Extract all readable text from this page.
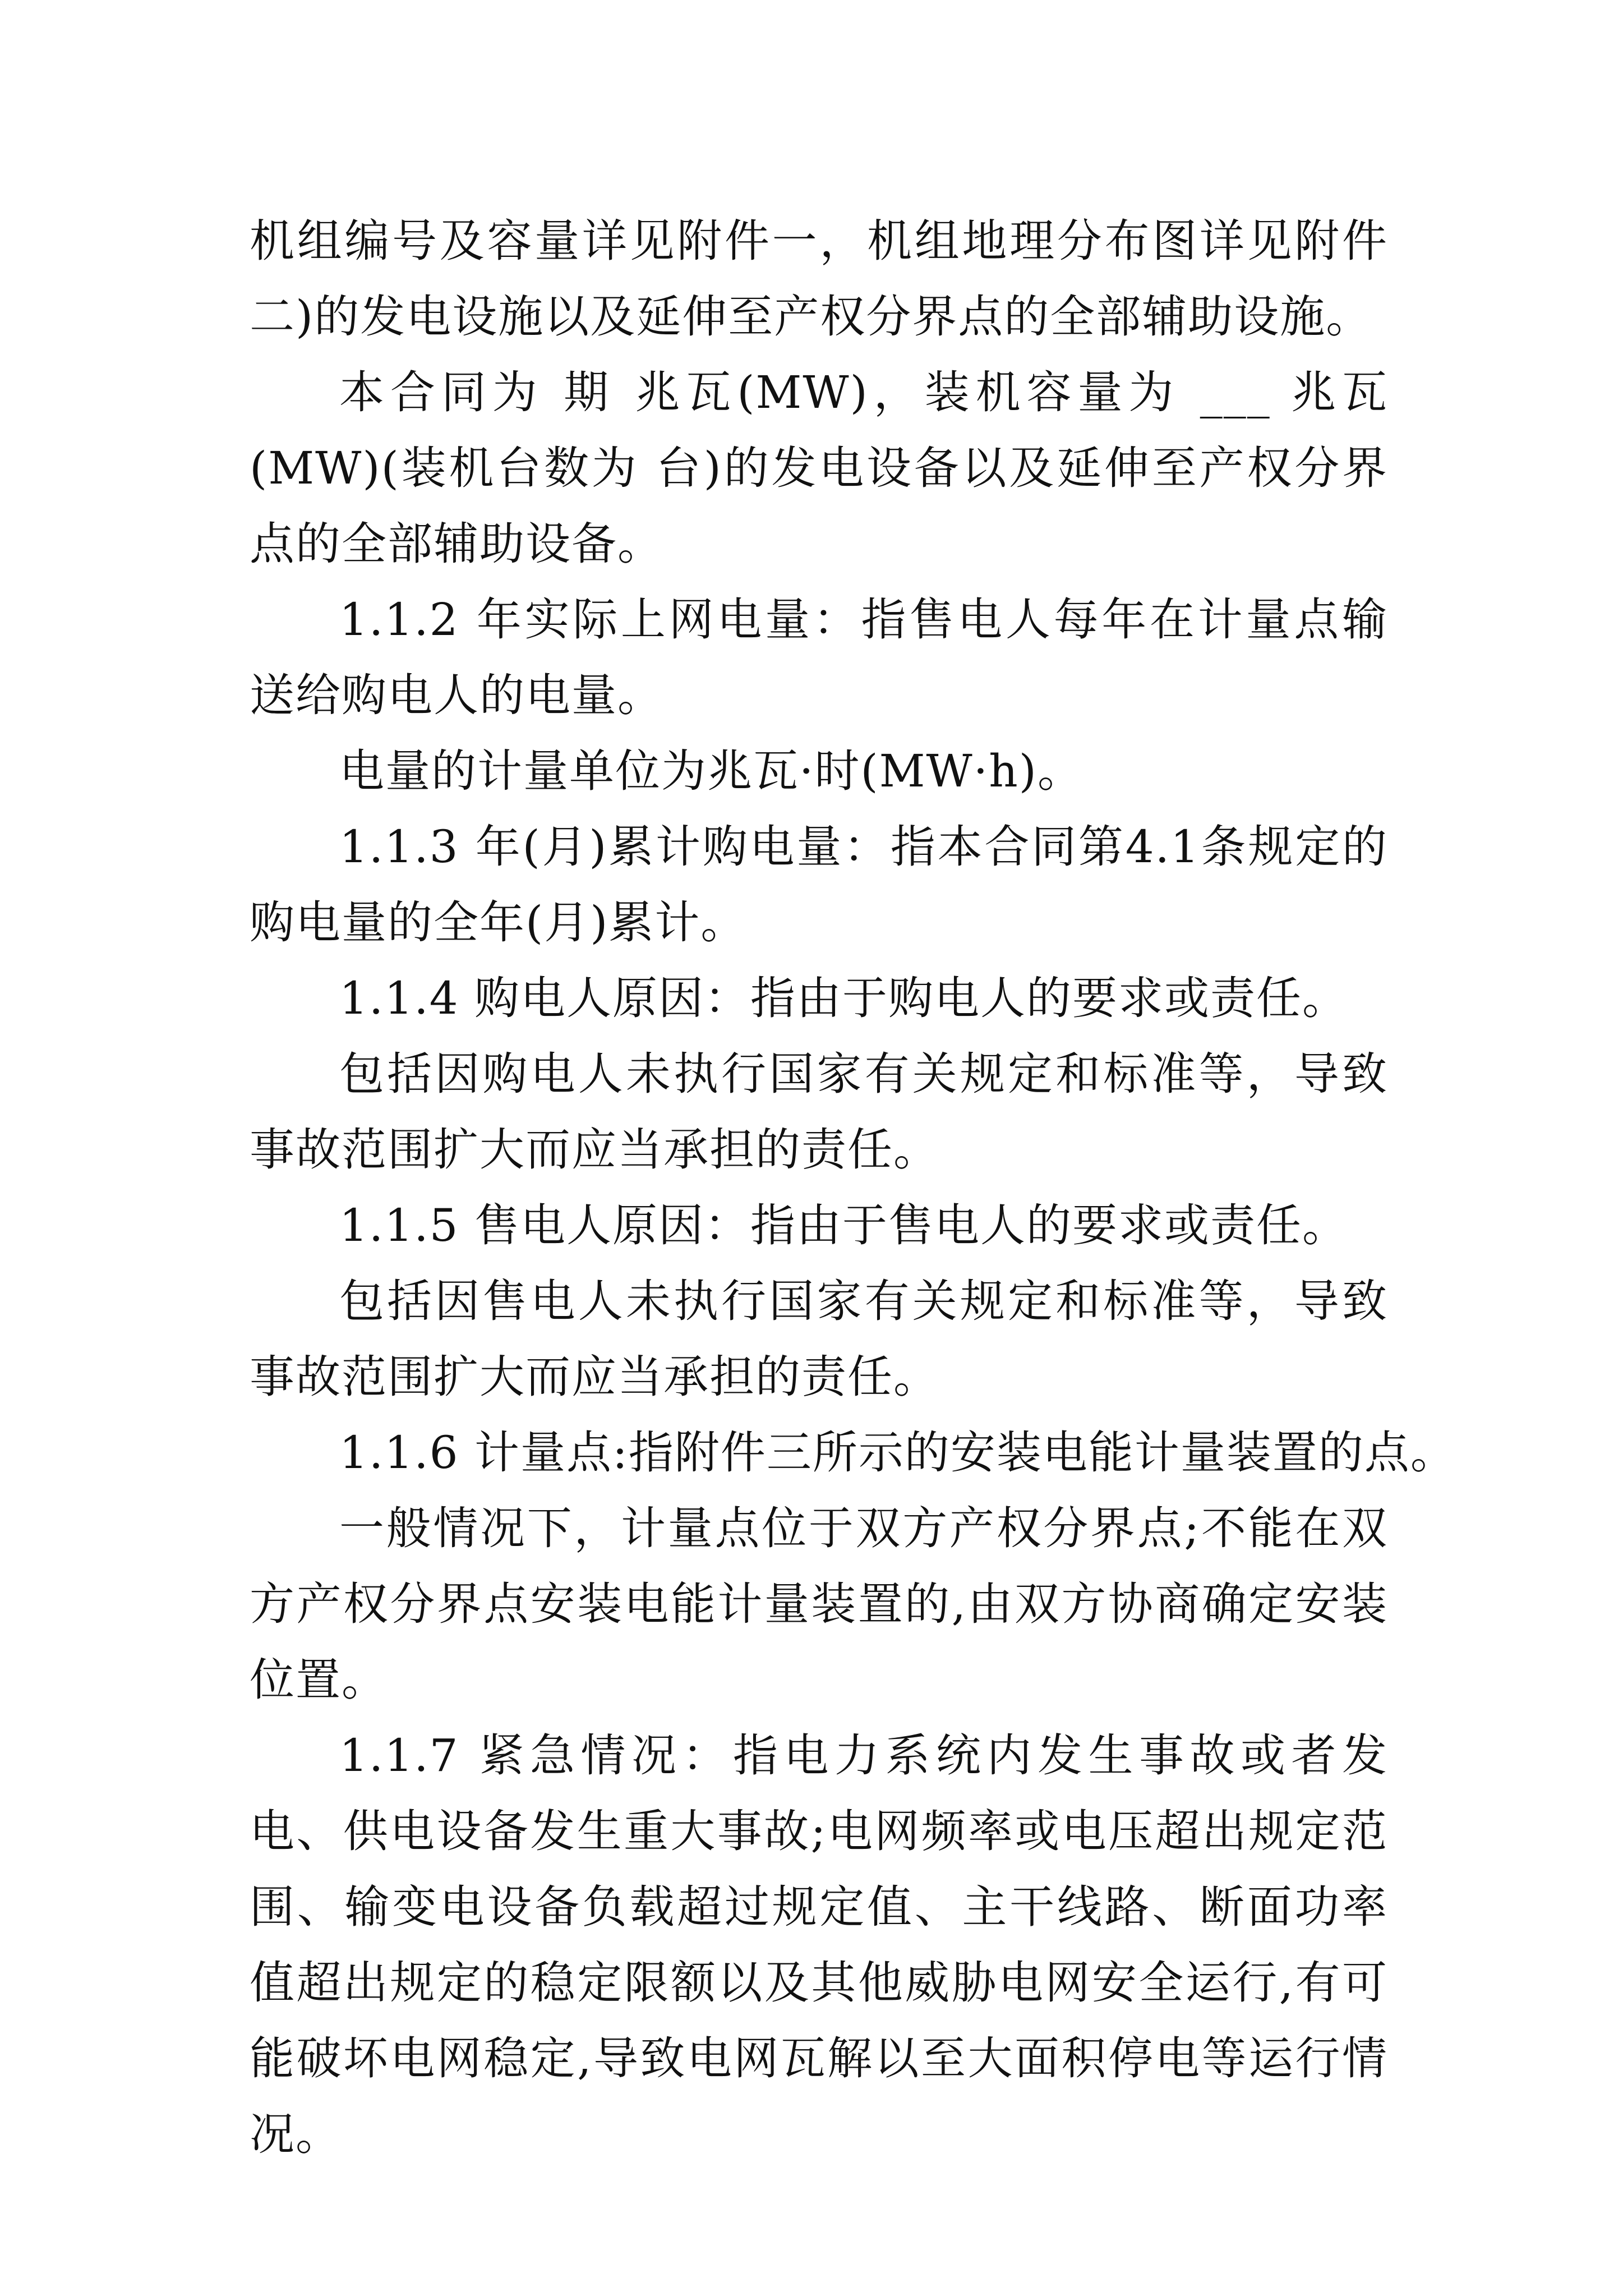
机组编号及容量详见附件一，机组地理分布图详见附件二)的发电设施以及延伸至产权分界点的全部辅助设施。

本合同为 期 兆瓦(MW)，装机容量为 ___ 兆瓦(MW)(装机台数为 台)的发电设备以及延伸至产权分界点的全部辅助设备。

1.1.2 年实际上网电量：指售电人每年在计量点输送给购电人的电量。

电量的计量单位为兆瓦·时(MW·h)。

1.1.3 年(月)累计购电量：指本合同第4.1条规定的购电量的全年(月)累计。

1.1.4 购电人原因：指由于购电人的要求或责任。

包括因购电人未执行国家有关规定和标准等，导致事故范围扩大而应当承担的责任。

1.1.5 售电人原因：指由于售电人的要求或责任。

包括因售电人未执行国家有关规定和标准等，导致事故范围扩大而应当承担的责任。

1.1.6 计量点:指附件三所示的安装电能计量装置的点。

一般情况下，计量点位于双方产权分界点;不能在双方产权分界点安装电能计量装置的,由双方协商确定安装位置。

1.1.7 紧急情况：指电力系统内发生事故或者发电、供电设备发生重大事故;电网频率或电压超出规定范围、输变电设备负载超过规定值、主干线路、断面功率值超出规定的稳定限额以及其他威胁电网安全运行,有可能破坏电网稳定,导致电网瓦解以至大面积停电等运行情况。
